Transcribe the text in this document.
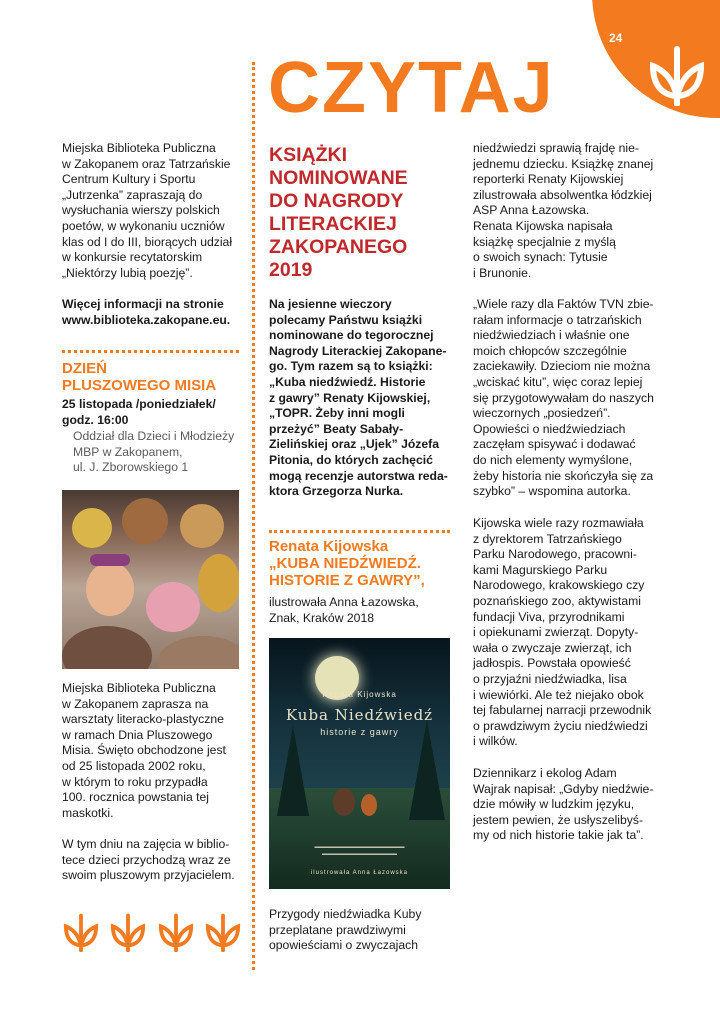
24
CZYTAJ
Miejska Biblioteka Publiczna
w Zakopanem oraz Tatrzańskie
Centrum Kultury i Sportu
„Jutrzenka” zapraszają do
wysłuchania wierszy polskich
poetów, w wykonaniu uczniów
klas od I do III, biorących udział
w konkursie recytatorskim
„Niektórzy lubią poezję”.
Więcej informacji na stronie
www.biblioteka.zakopane.eu.
DZIEŃ
PLUSZOWEGO MISIA
25 listopada /poniedziałek/
godz. 16:00
Oddział dla Dzieci i Młodzieży
MBP w Zakopanem,
ul. J. Zborowskiego 1
Miejska Biblioteka Publiczna
w Zakopanem zaprasza na
warsztaty literacko-plastyczne
w ramach Dnia Pluszowego
Misia. Święto obchodzone jest
od 25 listopada 2002 roku,
w którym to roku przypadła
100. rocznica powstania tej
maskotki.
W tym dniu na zajęcia w biblio-
tece dzieci przychodzą wraz ze
swoim pluszowym przyjacielem.
KSIĄŻKI
NOMINOWANE
DO NAGRODY
LITERACKIEJ
ZAKOPANEGO
2019
Na jesienne wieczory
polecamy Państwu książki
nominowane do tegorocznej
Nagrody Literackiej Zakopane-
go. Tym razem są to książki:
„Kuba niedźwiedź. Historie
z gawry” Renaty Kijowskiej,
„TOPR. Żeby inni mogli
przeżyć” Beaty Sabały-
Zielińskiej oraz „Ujek” Józefa
Pitonia, do których zachęcić
mogą recenzje autorstwa reda-
ktora Grzegorza Nurka.
Renata Kijowska
„KUBA NIEDŹWIEDŹ.
HISTORIE Z GAWRY”,
ilustrowała Anna Łazowska,
Znak, Kraków 2018
Renata Kijowska
Kuba Niedźwiedź
historie z gawry
▬▬▬▬▬▬▬▬▬▬▬▬▬▬▬▬▬▬
▬▬▬▬▬▬▬▬▬▬▬▬▬▬▬
ilustrowała Anna Łazowska
Przygody niedźwiadka Kuby
przeplatane prawdziwymi
opowieściami o zwyczajach
niedźwiedzi sprawią frajdę nie-
jednemu dziecku. Książkę znanej
reporterki Renaty Kijowskiej
zilustrowała absolwentka łódzkiej
ASP Anna Łazowska.
Renata Kijowska napisała
książkę specjalnie z myślą
o swoich synach: Tytusie
i Brunonie.
„Wiele razy dla Faktów TVN zbie-
rałam informacje o tatrzańskich
niedźwiedziach i właśnie one
moich chłopców szczególnie
zaciekawiły. Dzieciom nie można
„wciskać kitu”, więc coraz lepiej
się przygotowywałam do naszych
wieczornych „posiedzeń”.
Opowieści o niedźwiedziach
zaczęłam spisywać i dodawać
do nich elementy wymyślone,
żeby historia nie skończyła się za
szybko” – wspomina autorka.
Kijowska wiele razy rozmawiała
z dyrektorem Tatrzańskiego
Parku Narodowego, pracowni-
kami Magurskiego Parku
Narodowego, krakowskiego czy
poznańskiego zoo, aktywistami
fundacji Viva, przyrodnikami
i opiekunami zwierząt. Dopyty-
wała o zwyczaje zwierząt, ich
jadłospis. Powstała opowieść
o przyjaźni niedźwiadka, lisa
i wiewiórki. Ale też niejako obok
tej fabularnej narracji przewodnik
o prawdziwym życiu niedźwiedzi
i wilków.
Dziennikarz i ekolog Adam
Wajrak napisał: „Gdyby niedźwie-
dzie mówiły w ludzkim języku,
jestem pewien, że usłyszelibyś-
my od nich historie takie jak ta”.
